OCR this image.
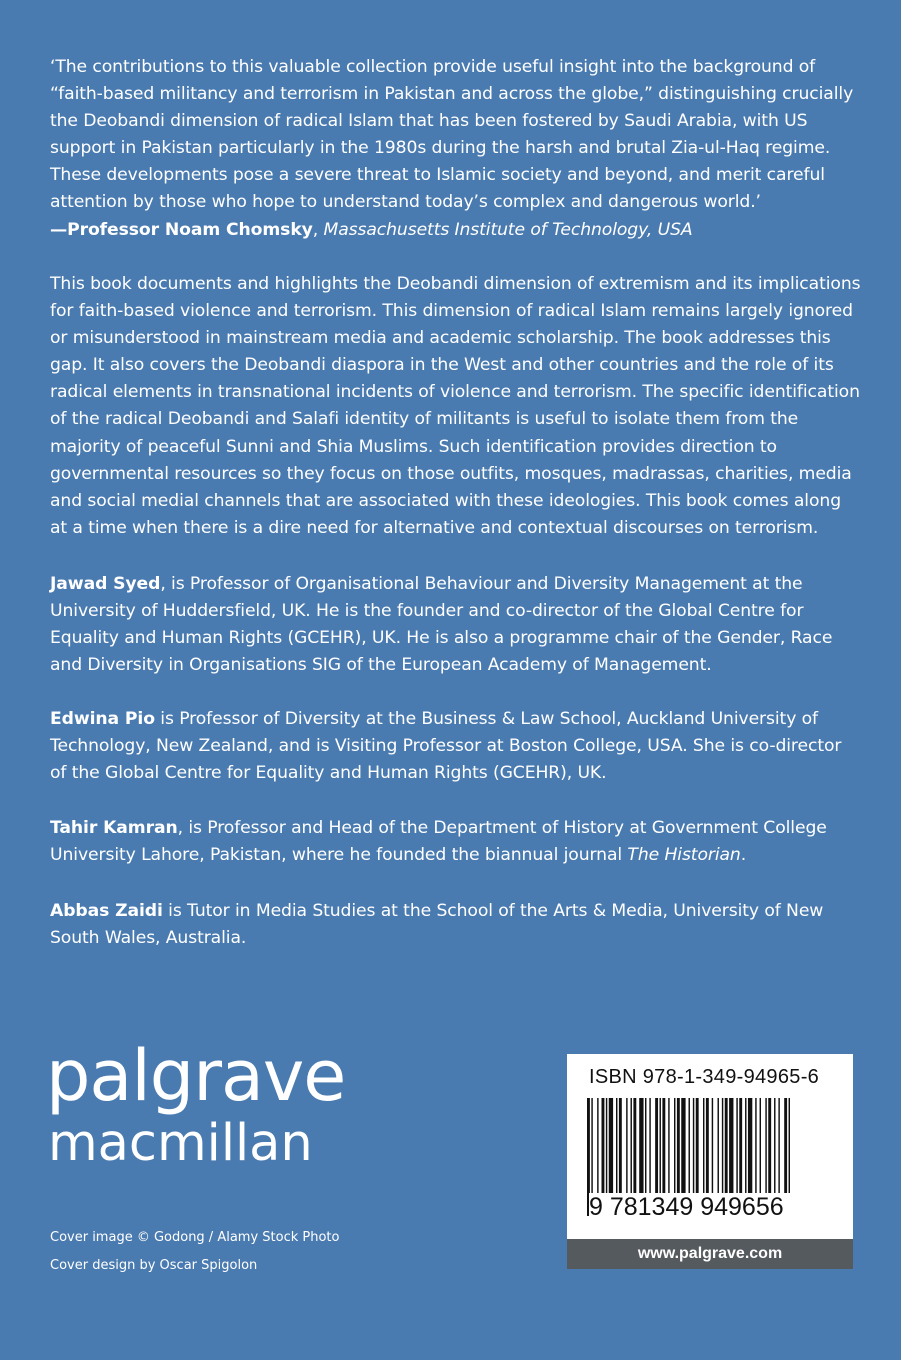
‘The contributions to this valuable collection provide useful insight into the background of “faith-based militancy and terrorism in Pakistan and across the globe,” distinguishing crucially the Deobandi dimension of radical Islam that has been fostered by Saudi Arabia, with US support in Pakistan particularly in the 1980s during the harsh and brutal Zia-ul-Haq regime. These developments pose a severe threat to Islamic society and beyond, and merit careful attention by those who hope to understand today’s complex and dangerous world.’
—Professor Noam Chomsky, Massachusetts Institute of Technology, USA

This book documents and highlights the Deobandi dimension of extremism and its implications for faith-based violence and terrorism. This dimension of radical Islam remains largely ignored or misunderstood in mainstream media and academic scholarship. The book addresses this gap. It also covers the Deobandi diaspora in the West and other countries and the role of its radical elements in transnational incidents of violence and terrorism. The specific identification of the radical Deobandi and Salafi identity of militants is useful to isolate them from the majority of peaceful Sunni and Shia Muslims. Such identification provides direction to governmental resources so they focus on those outfits, mosques, madrassas, charities, media and social medial channels that are associated with these ideologies. This book comes along at a time when there is a dire need for alternative and contextual discourses on terrorism.

Jawad Syed, is Professor of Organisational Behaviour and Diversity Management at the University of Huddersfield, UK. He is the founder and co-director of the Global Centre for Equality and Human Rights (GCEHR), UK. He is also a programme chair of the Gender, Race and Diversity in Organisations SIG of the European Academy of Management.

Edwina Pio is Professor of Diversity at the Business & Law School, Auckland University of Technology, New Zealand, and is Visiting Professor at Boston College, USA. She is co-director of the Global Centre for Equality and Human Rights (GCEHR), UK.

Tahir Kamran, is Professor and Head of the Department of History at Government College University Lahore, Pakistan, where he founded the biannual journal The Historian.

Abbas Zaidi is Tutor in Media Studies at the School of the Arts & Media, University of New South Wales, Australia.

palgrave
macmillan
Cover image © Godong / Alamy Stock Photo
Cover design by Oscar Spigolon
ISBN 978-1-349-94965-6
9 781349 949656
www.palgrave.com
